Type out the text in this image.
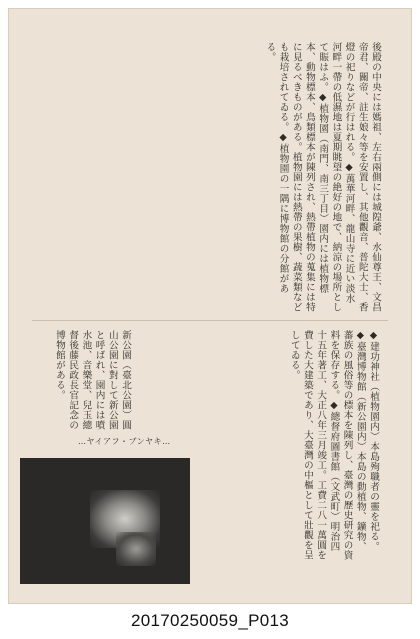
後殿の中央には媽祖、左右兩側には城隍爺、水仙尊王、文昌帝君、關帝、註生娘々等を安置し、其他觀音、普陀大士、香燈の祀りなどが行はれる。◆萬華河畔、龍山寺に近い淡水河畔一帶の低濕地は夏期眺望の絶好の地で、納涼の場所として賑はふ。◆植物園（南門、南三丁目）園内には植物標本、動物標本、鳥類標本が陳列され、熱帶植物の蒐集には特に見るべきものがある。植物園には熱帶の果樹、蔬菜類なども栽培されてゐる。◆植物園の一隅に博物館の分館がある。
◆建功神社（植物園内）本島殉職者の靈を祀る。◆臺灣博物館（新公園内）本島の動植物、鑛物、蕃族の風俗等の標本を陳列し、臺灣の歷史研究の資料を保存する。◆總督府圖書館（文武町）明治四十五年著工、大正八年三月竣工。工費二八一萬圓を費した大建築であり、大臺灣の中樞として壯觀を呈してゐる。
新公園（臺北公園）圓山公園に對して新公園と呼ばれ、園内には噴水池、音樂堂、兒玉總督後藤民政長官記念の博物館がある。
…ヤイアフ・ブンヤキ…
20170250059_P013
